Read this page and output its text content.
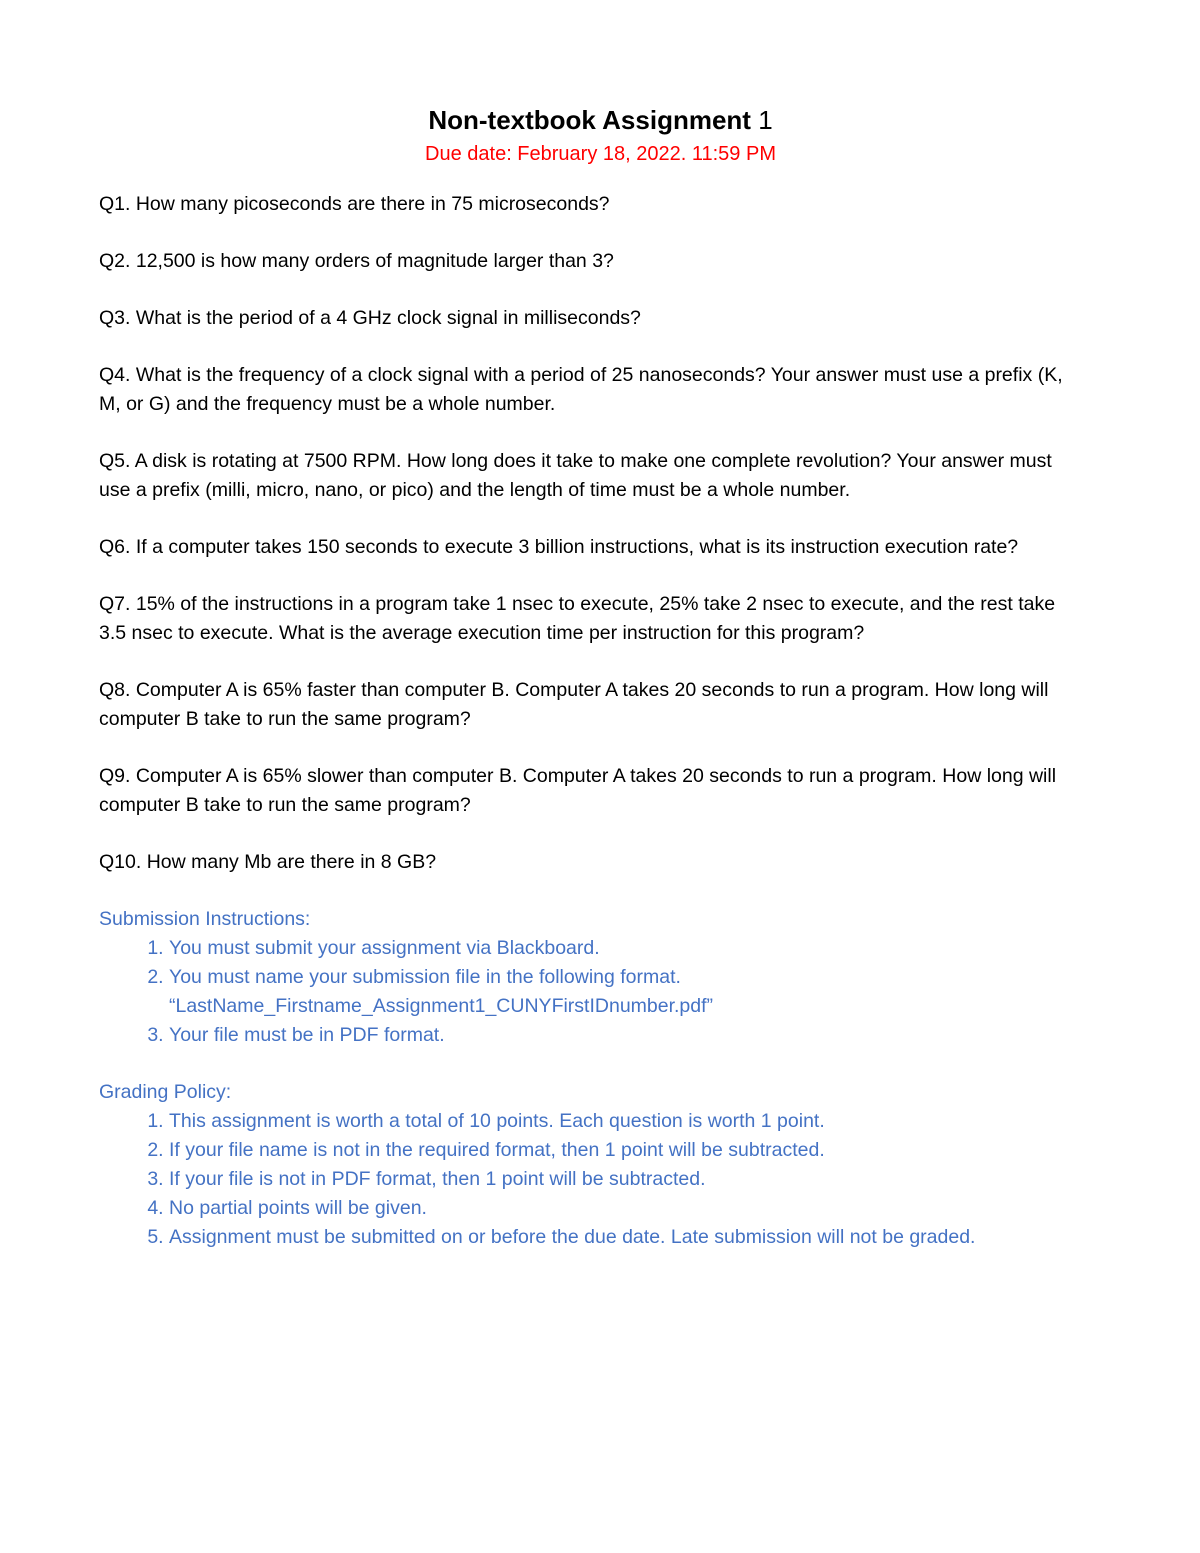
Non-textbook Assignment 1
Due date: February 18, 2022. 11:59 PM

Q1. How many picoseconds are there in 75 microseconds?

Q2. 12,500 is how many orders of magnitude larger than 3?

Q3. What is the period of a 4 GHz clock signal in milliseconds?

Q4. What is the frequency of a clock signal with a period of 25 nanoseconds? Your answer must use a prefix (K, M, or G) and the frequency must be a whole number.

Q5. A disk is rotating at 7500 RPM. How long does it take to make one complete revolution? Your answer must use a prefix (milli, micro, nano, or pico) and the length of time must be a whole number.

Q6. If a computer takes 150 seconds to execute 3 billion instructions, what is its instruction execution rate?

Q7. 15% of the instructions in a program take 1 nsec to execute, 25% take 2 nsec to execute, and the rest take 3.5 nsec to execute. What is the average execution time per instruction for this program?

Q8. Computer A is 65% faster than computer B. Computer A takes 20 seconds to run a program. How long will computer B take to run the same program?

Q9. Computer A is 65% slower than computer B. Computer A takes 20 seconds to run a program. How long will computer B take to run the same program?

Q10. How many Mb are there in 8 GB?

Submission Instructions:

1. You must submit your assignment via Blackboard.
2. You must name your submission file in the following format.
“LastName_Firstname_Assignment1_CUNYFirstIDnumber.pdf”
3. Your file must be in PDF format.

Grading Policy:

1. This assignment is worth a total of 10 points. Each question is worth 1 point.
2. If your file name is not in the required format, then 1 point will be subtracted.
3. If your file is not in PDF format, then 1 point will be subtracted.
4. No partial points will be given.
5. Assignment must be submitted on or before the due date. Late submission will not be graded.
